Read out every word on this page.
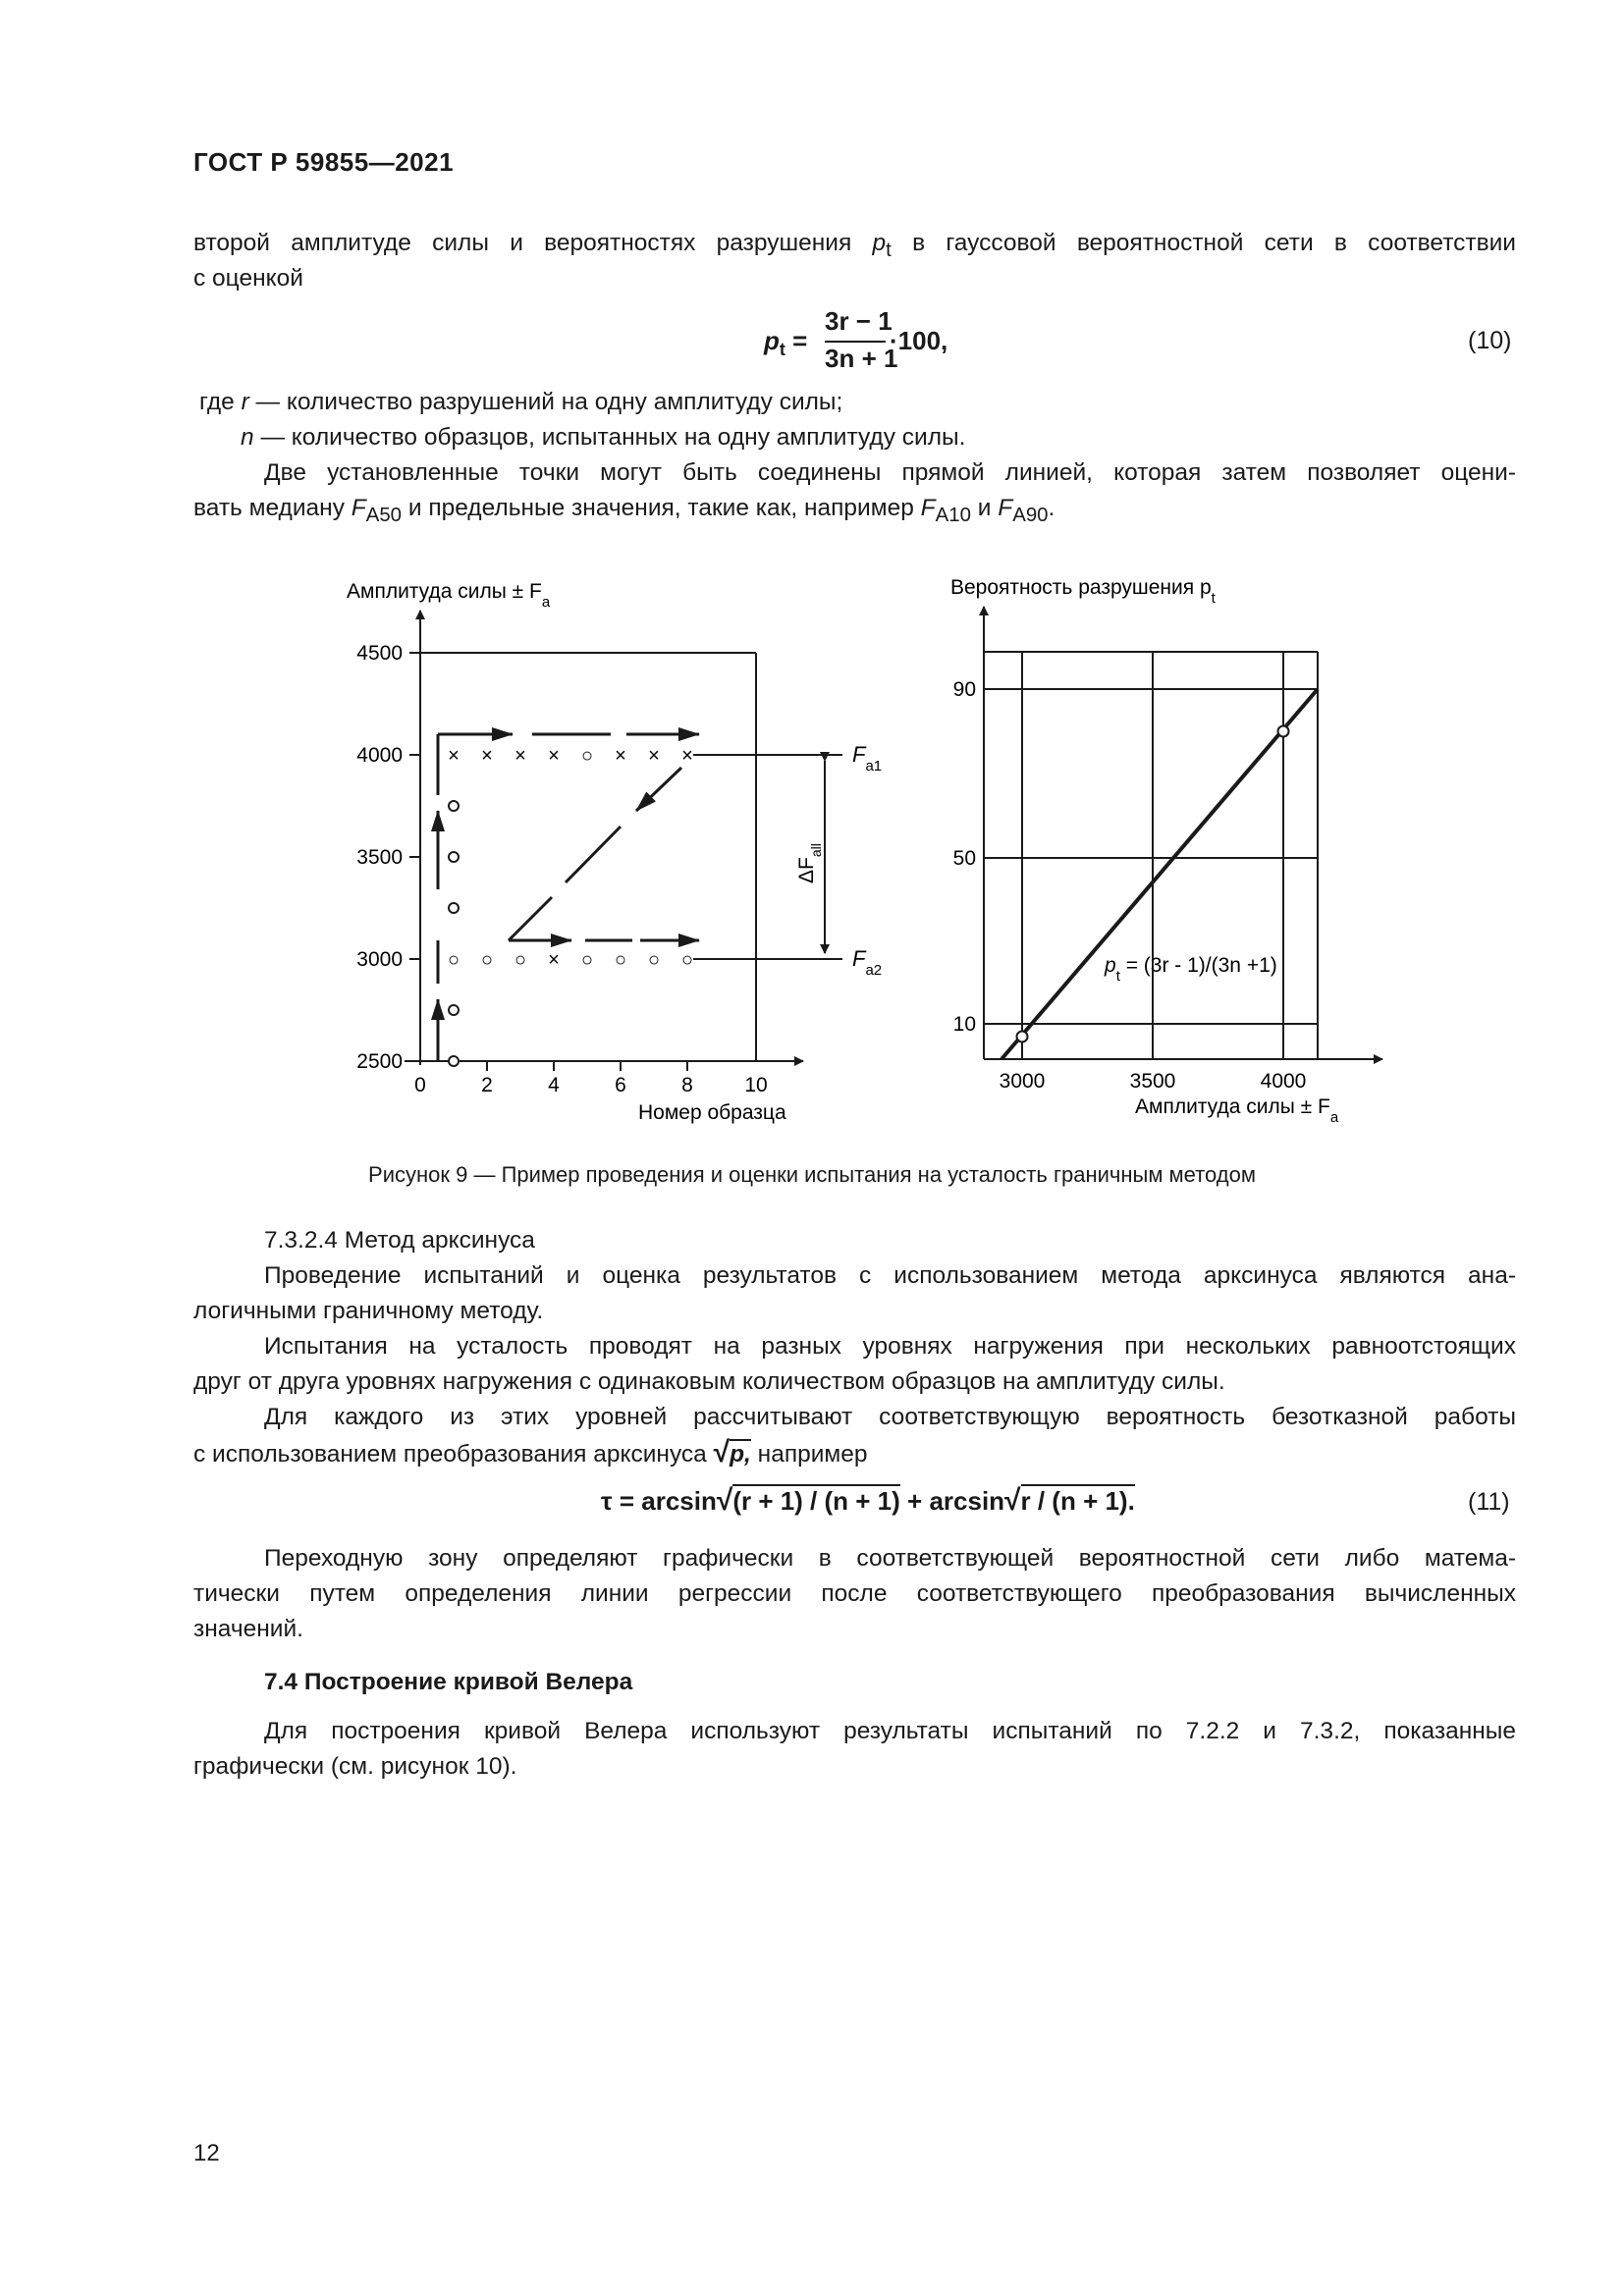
ГОСТ Р 59855—2021
второй амплитуде силы и вероятностях разрушения $p_t$ в гауссовой вероятностной сети в соответствии
с оценкой
$p_t$ =
3r − 1
3n + 1
·100,	(10)
где r — количество разрушений на одну амплитуду силы;
n — количество образцов, испытанных на одну амплитуду силы.
Две установленные точки могут быть соединены прямой линией, которая затем позволяет оцени-
вать медиану $F_{A50}$ и предельные значения, такие как, например $F_{A10}$ и $F_{A90}$.
Амплитуда силы ± $F_a$
4500
4000
3500
3000
2500
0	2	4	6	8 10
Номер образца
× × × × ○ × × ×
○ ○ ○ × ○ ○ ○ ○
$\Delta F_{all}$
$F_{a1}$
$F_{a2}$
Вероятность разрушения $p_t$
90
50
10
3000	3500	4000
Амплитуда силы ± $F_a$
$p_t = (3r - 1)/(3n +1)$
Рисунок 9 — Пример проведения и оценки испытания на усталость граничным методом
7.3.2.4 Метод арксинуса
Проведение испытаний и оценка результатов с использованием метода арксинуса являются ана-
логичными граничному методу.
Испытания на усталость проводят на разных уровнях нагружения при нескольких равноотстоящих
друг от друга уровнях нагружения с одинаковым количеством образцов на амплитуду силы.
Для каждого из этих уровней рассчитывают соответствующую вероятность безотказной работы
с использованием преобразования арксинуса √p, например
τ = arcsin√(r + 1) / (n + 1) + arcsin√r / (n + 1).	(11)
Переходную зону определяют графически в соответствующей вероятностной сети либо матема-
тически путем определения линии регрессии после соответствующего преобразования вычисленных
значений.
7.4 Построение кривой Велера
Для построения кривой Велера используют результаты испытаний по 7.2.2 и 7.3.2, показанные
графически (см. рисунок 10).
12
